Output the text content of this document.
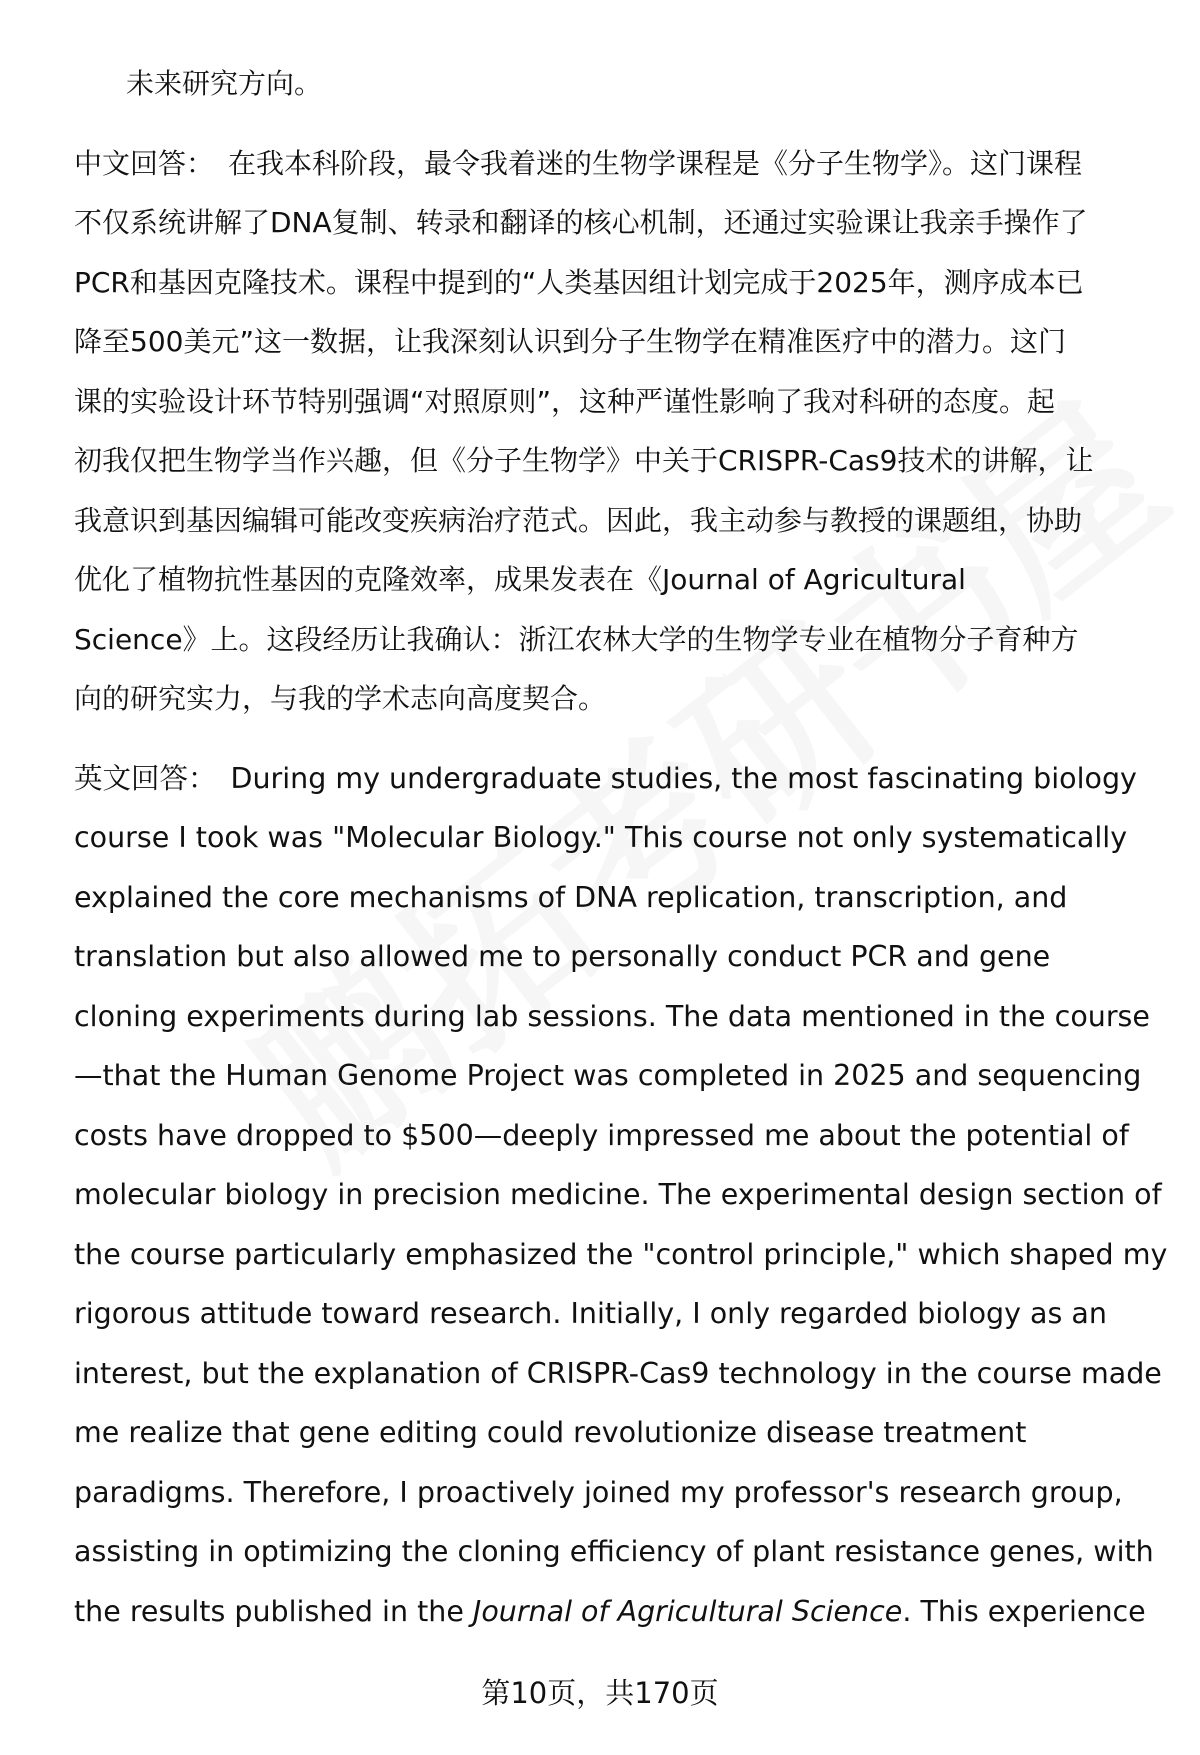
未来研究方向。
中文回答： 在我本科阶段，最令我着迷的生物学课程是《分子生物学》。这门课程
不仅系统讲解了DNA复制、转录和翻译的核心机制，还通过实验课让我亲手操作了
PCR和基因克隆技术。课程中提到的“人类基因组计划完成于2025年，测序成本已
降至500美元”这一数据，让我深刻认识到分子生物学在精准医疗中的潜力。这门
课的实验设计环节特别强调“对照原则”，这种严谨性影响了我对科研的态度。起
初我仅把生物学当作兴趣，但《分子生物学》中关于CRISPR-Cas9技术的讲解，让
我意识到基因编辑可能改变疾病治疗范式。因此，我主动参与教授的课题组，协助
优化了植物抗性基因的克隆效率，成果发表在《Journal of Agricultural
Science》上。这段经历让我确认：浙江农林大学的生物学专业在植物分子育种方
向的研究实力，与我的学术志向高度契合。
英文回答： During my undergraduate studies, the most fascinating biology
course I took was "Molecular Biology." This course not only systematically
explained the core mechanisms of DNA replication, transcription, and
translation but also allowed me to personally conduct PCR and gene
cloning experiments during lab sessions. The data mentioned in the course
—that the Human Genome Project was completed in 2025 and sequencing
costs have dropped to $500—deeply impressed me about the potential of
molecular biology in precision medicine. The experimental design section of
the course particularly emphasized the "control principle," which shaped my
rigorous attitude toward research. Initially, I only regarded biology as an
interest, but the explanation of CRISPR-Cas9 technology in the course made
me realize that gene editing could revolutionize disease treatment
paradigms. Therefore, I proactively joined my professor's research group,
assisting in optimizing the cloning efficiency of plant resistance genes, with
the results published in the Journal of Agricultural Science. This experience
第10页，共170页
